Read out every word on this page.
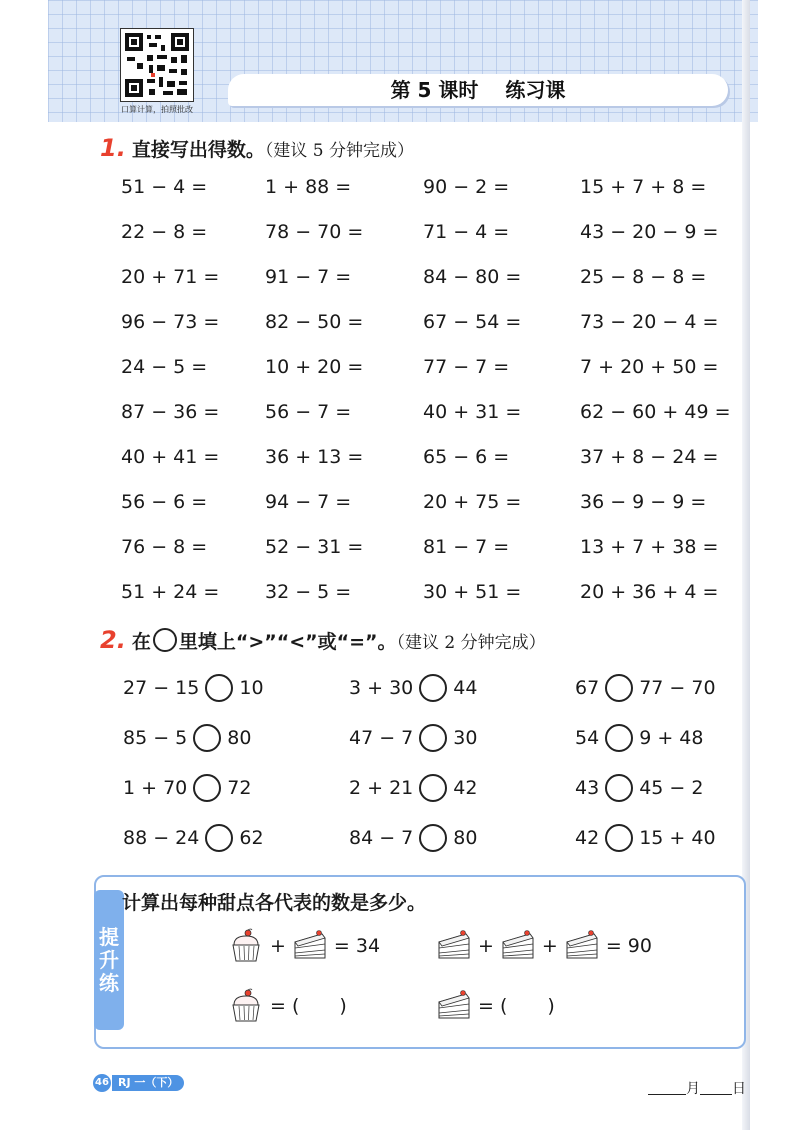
口算计算，拍照批改
第 5 课时 练习课
1. 直接写出得数。（建议 5 分钟完成）
51 − 4 =	1 + 88 =	90 − 2 =	15 + 7 + 8 =
22 − 8 =	78 − 70 =	71 − 4 =	43 − 20 − 9 =
20 + 71 = 91 − 7 =	84 − 80 =	25 − 8 − 8 =
96 − 73 = 82 − 50 =	67 − 54 =	73 − 20 − 4 =
24 − 5 =	10 + 20 =	77 − 7 =	7 + 20 + 50 =
87 − 36 = 56 − 7 =	40 + 31 =	62 − 60 + 49 =
40 + 41 = 36 + 13 =	65 − 6 =	37 + 8 − 24 =
56 − 6 =	94 − 7 =	20 + 75 =	36 − 9 − 9 =
76 − 8 =	52 − 31 =	81 − 7 =	13 + 7 + 38 =
51 + 24 = 32 − 5 =	30 + 51 =	20 + 36 + 4 =
2. 在 里填上“>”“<”或“=”。（建议 2 分钟完成）
27 − 15 10	3 + 30 44	67 77 − 70
85 − 5 80	47 − 7 30	54 9 + 48
1 + 70 72	2 + 21 42	43 45 − 2
88 − 24 62	84 − 7 80	42 15 + 40
提
升
练
计算出每种甜点各代表的数是多少。
+	= 34	+	+	= 90
= ( )	= ( )
46 RJ 一（下）	月 日
